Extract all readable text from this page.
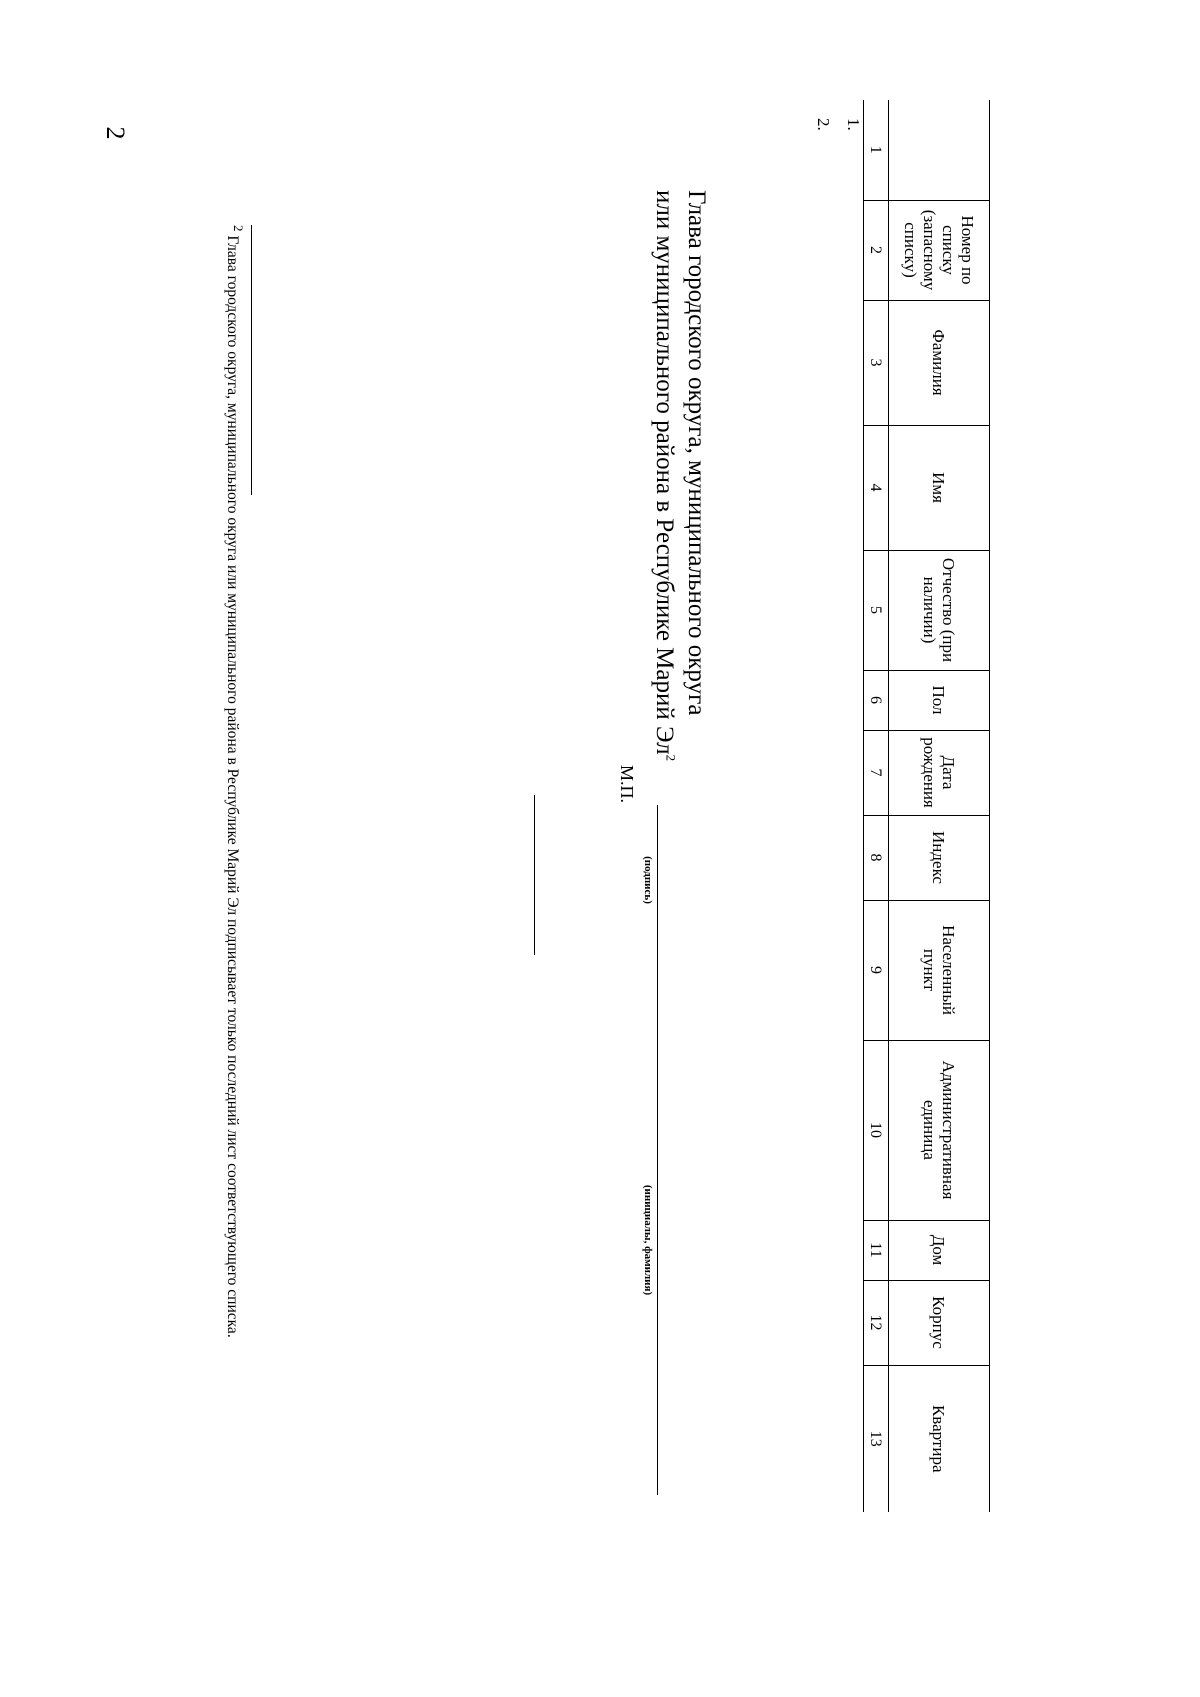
2
	Номер по списку (запасному списку)	Фамилия	Имя	Отчество (при наличии)	Пол	Дата рождения	Индекс	Населенный пункт	Административная единица	Дом	Корпус	Квартира
1	2	3	4	5	6	7	8	9	10	11	12	13
1.
2.
Глава городского округа, муниципального округа
или муниципального района в Республике Марий $Эл^2$
(подпись)
(инициалы, фамилия)
М.П.
$^2$ Глава городского округа, муниципального округа или муниципального района в Республике Марий Эл подписывает только последний лист соответствующего списка.
